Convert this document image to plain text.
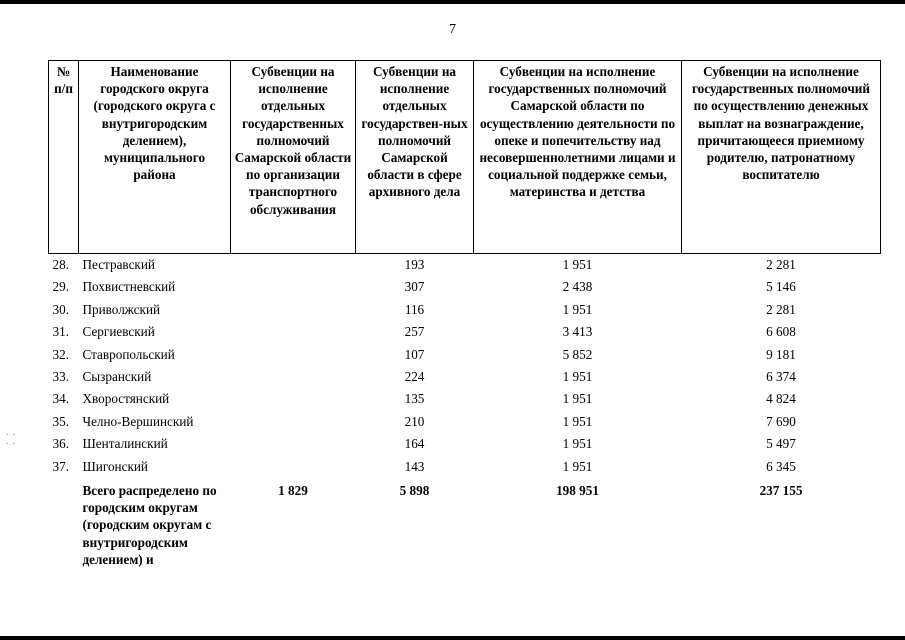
7
. .
. .
№ п/п	Наименование городского округа (городского округа с внутригородским делением), муниципального района	Субвенции на исполнение отдельных государственных полномочий Самарской области по организации транспортного обслуживания	Субвенции на исполнение отдельных государствен-ных полномочий Самарской области в сфере архивного дела	Субвенции на исполнение государственных полномочий Самарской области по осуществлению деятельности по опеке и попечительству над несовершеннолетними лицами и социальной поддержке семьи, материнства и детства	Субвенции на исполнение государственных полномочий по осуществлению денежных выплат на вознаграждение, причитающееся приемному родителю, патронатному воспитателю
28.	Пестравский		193	1 951	2 281
29.	Похвистневский		307	2 438	5 146
30.	Приволжский		116	1 951	2 281
31.	Сергиевский		257	3 413	6 608
32.	Ставропольский		107	5 852	9 181
33.	Сызранский		224	1 951	6 374
34.	Хворостянский		135	1 951	4 824
35.	Челно-Вершинский		210	1 951	7 690
36.	Шенталинский		164	1 951	5 497
37.	Шигонский		143	1 951	6 345
	Всего распределено по городским округам (городским округам с внутригородским делением) и	1 829	5 898	198 951	237 155
